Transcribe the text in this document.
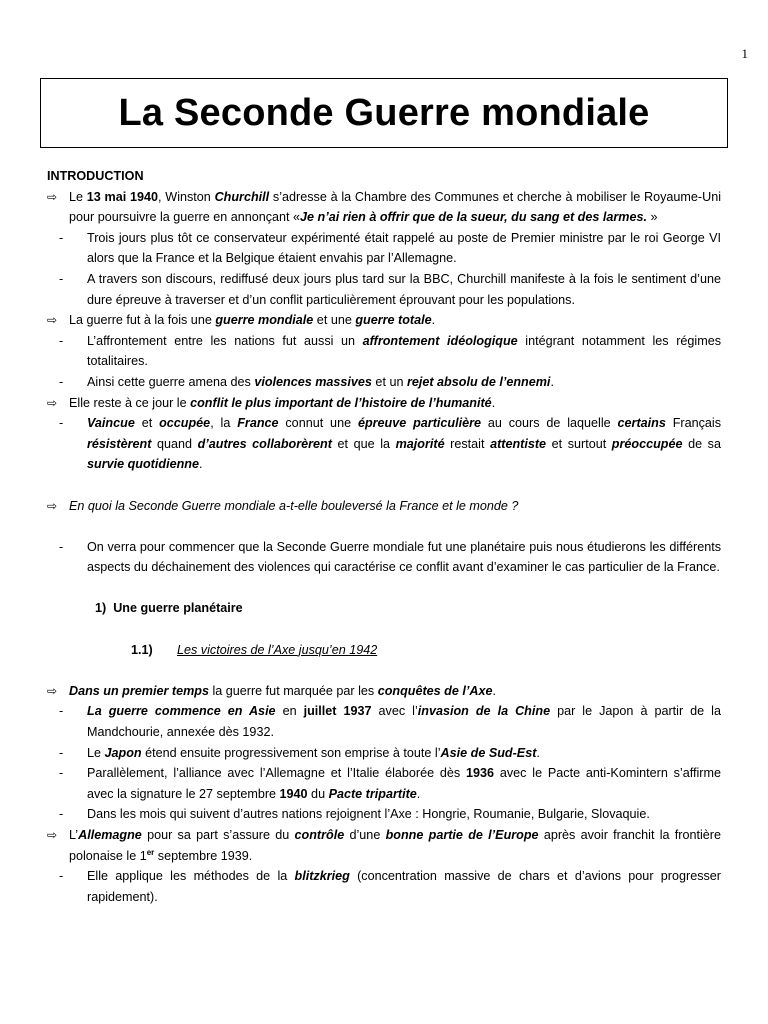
1
La Seconde Guerre mondiale

INTRODUCTION

⇨ Le 13 mai 1940, Winston Churchill s’adresse à la Chambre des Communes et cherche à mobiliser le Royaume-Uni pour poursuivre la guerre en annonçant «Je n’ai rien à offrir que de la sueur, du sang et des larmes. »
-	Trois jours plus tôt ce conservateur expérimenté était rappelé au poste de Premier ministre par le roi George VI alors que la France et la Belgique étaient envahis par l’Allemagne.
-	A travers son discours, rediffusé deux jours plus tard sur la BBC, Churchill manifeste à la fois le sentiment d’une dure épreuve à traverser et d’un conflit particulièrement éprouvant pour les populations.
⇨ La guerre fut à la fois une guerre mondiale et une guerre totale.
-	L’affrontement entre les nations fut aussi un affrontement idéologique intégrant notamment les régimes totalitaires.
-	Ainsi cette guerre amena des violences massives et un rejet absolu de l’ennemi.
⇨ Elle reste à ce jour le conflit le plus important de l’histoire de l’humanité.
-	Vaincue et occupée, la France connut une épreuve particulière au cours de laquelle certains Français résistèrent quand d’autres collaborèrent et que la majorité restait attentiste et surtout préoccupée de sa survie quotidienne.
⇨ En quoi la Seconde Guerre mondiale a-t-elle bouleversé la France et le monde ?
-	On verra pour commencer que la Seconde Guerre mondiale fut une planétaire puis nous étudierons les différents aspects du déchainement des violences qui caractérise ce conflit avant d’examiner le cas particulier de la France.
1) Une guerre planétaire
1.1) Les victoires de l’Axe jusqu’en 1942
⇨ Dans un premier temps la guerre fut marquée par les conquêtes de l’Axe.
-	La guerre commence en Asie en juillet 1937 avec l’invasion de la Chine par le Japon à partir de la Mandchourie, annexée dès 1932.
-	Le Japon étend ensuite progressivement son emprise à toute l’Asie de Sud-Est.
-	Parallèlement, l’alliance avec l’Allemagne et l’Italie élaborée dès 1936 avec le Pacte anti-Komintern s’affirme avec la signature le 27 septembre 1940 du Pacte tripartite.
-	Dans les mois qui suivent d’autres nations rejoignent l’Axe : Hongrie, Roumanie, Bulgarie, Slovaquie.
⇨ L’Allemagne pour sa part s’assure du contrôle d’une bonne partie de l’Europe après avoir franchit la frontière polonaise le 1er septembre 1939.
-	Elle applique les méthodes de la blitzkrieg (concentration massive de chars et d’avions pour progresser rapidement).
